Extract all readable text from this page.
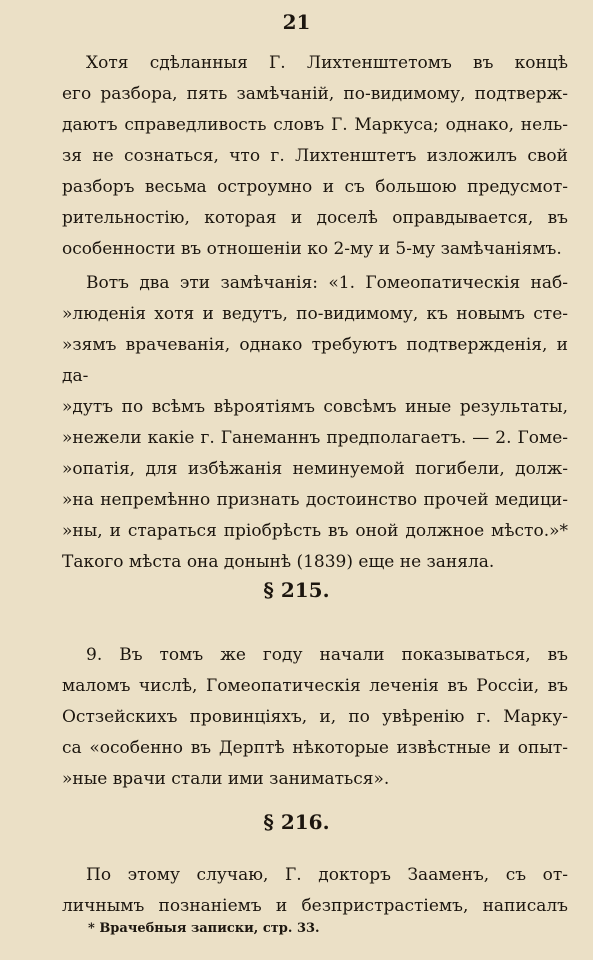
21

Хотя сдѣланныя Г. Лихтенштетомъ въ концѣ
его разбора, пять замѣчаній, по-видимому, подтверж-
даютъ справедливость словъ Г. Маркуса; однако, нель-
зя не сознаться, что г. Лихтенштетъ изложилъ свой
разборъ весьма остроумно и съ большою предусмот-
рительностію, которая и доселѣ оправдывается, въ
особенности въ отношеніи ко 2-му и 5-му замѣчаніямъ.

Вотъ два эти замѣчанія: «1. Гомеопатическія наб-
»люденія хотя и ведутъ, по-видимому, къ новымъ сте-
»зямъ врачеванія, однако требуютъ подтвержденія, и да-
»дутъ по всѣмъ вѣроятіямъ совсѣмъ иные результаты,
»нежели какіе г. Ганеманнъ предполагаетъ. — 2. Гоме-
»опатія, для избѣжанія неминуемой погибели, долж-
»на непремѣнно признать достоинство прочей медици-
»ны, и стараться пріобрѣсть въ оной должное мѣсто.»*
Такого мѣста она донынѣ (1839) еще не заняла.

§ 215.

9. Въ томъ же году начали показываться, въ
маломъ числѣ, Гомеопатическія леченія въ Россіи, въ
Остзейскихъ провинціяхъ, и, по увѣренію г. Марку-
са «особенно въ Дерптѣ нѣкоторые извѣстные и опыт-
»ные врачи стали ими заниматься».

§ 216.

По этому случаю, Г. докторъ Зааменъ, съ от-
личнымъ познаніемъ и безпристрастіемъ, написалъ

* Врачебныя записки, стр. 33.
